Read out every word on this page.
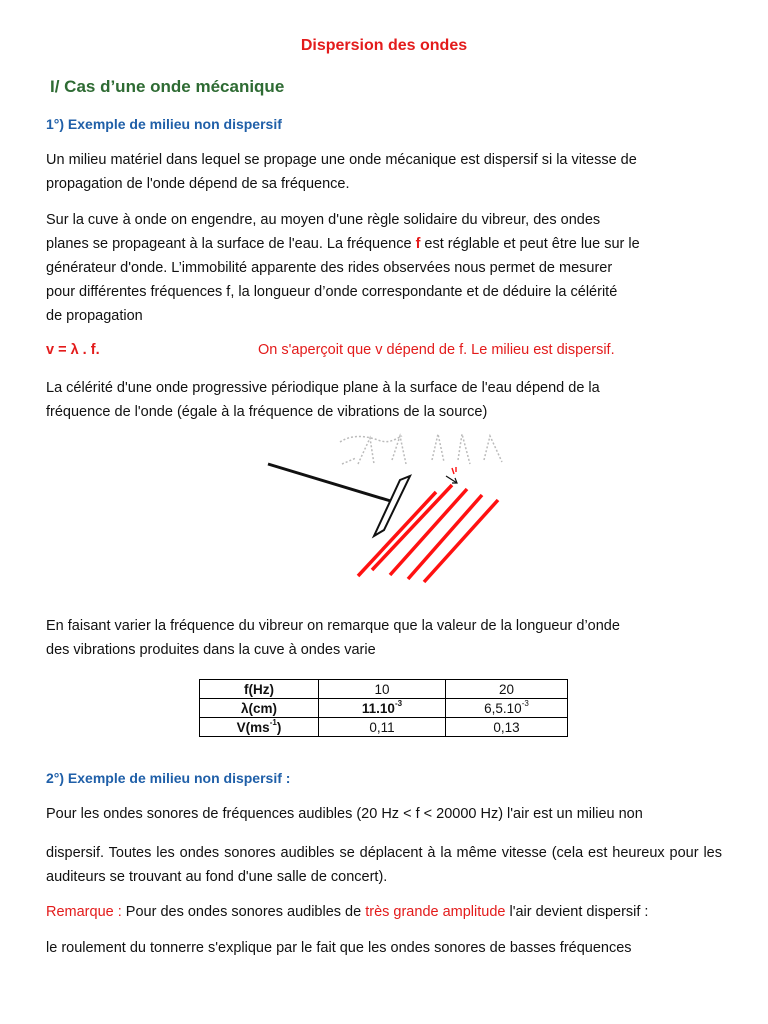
Dispersion des ondes
I/ Cas d’une onde mécanique
1°) Exemple de milieu non dispersif
Un milieu matériel dans lequel se propage une onde mécanique est dispersif si la vitesse de
propagation de l'onde dépend de sa fréquence.
Sur la cuve à onde on engendre, au moyen d'une règle solidaire du vibreur, des ondes
planes se propageant à la surface de l'eau. La fréquence f est réglable et peut être lue sur le
générateur d'onde. L’immobilité apparente des rides observées nous permet de mesurer
pour différentes fréquences f, la longueur d’onde correspondante et de déduire la célérité
de propagation
v = λ . f.	On s'aperçoit que v dépend de f. Le milieu est dispersif.
La célérité d'une onde progressive périodique plane à la surface de l'eau dépend de la
fréquence de l'onde (égale à la fréquence de vibrations de la source)
En faisant varier la fréquence du vibreur on remarque que la valeur de la longueur d’onde
des vibrations produites dans la cuve à ondes varie
f(Hz)	10	20
λ(cm)	$11.10^{-3}$	$6,5.10^{-3}$
$V(ms^{-1})$	0,11	0,13
2°) Exemple de milieu non dispersif :
Pour les ondes sonores de fréquences audibles (20 Hz < f < 20000 Hz) l'air est un milieu non
dispersif. Toutes les ondes sonores audibles se déplacent à la même vitesse (cela est heureux pour les auditeurs se trouvant au fond d'une salle de concert).
Remarque : Pour des ondes sonores audibles de très grande amplitude l'air devient dispersif :
le roulement du tonnerre s'explique par le fait que les ondes sonores de basses fréquences
